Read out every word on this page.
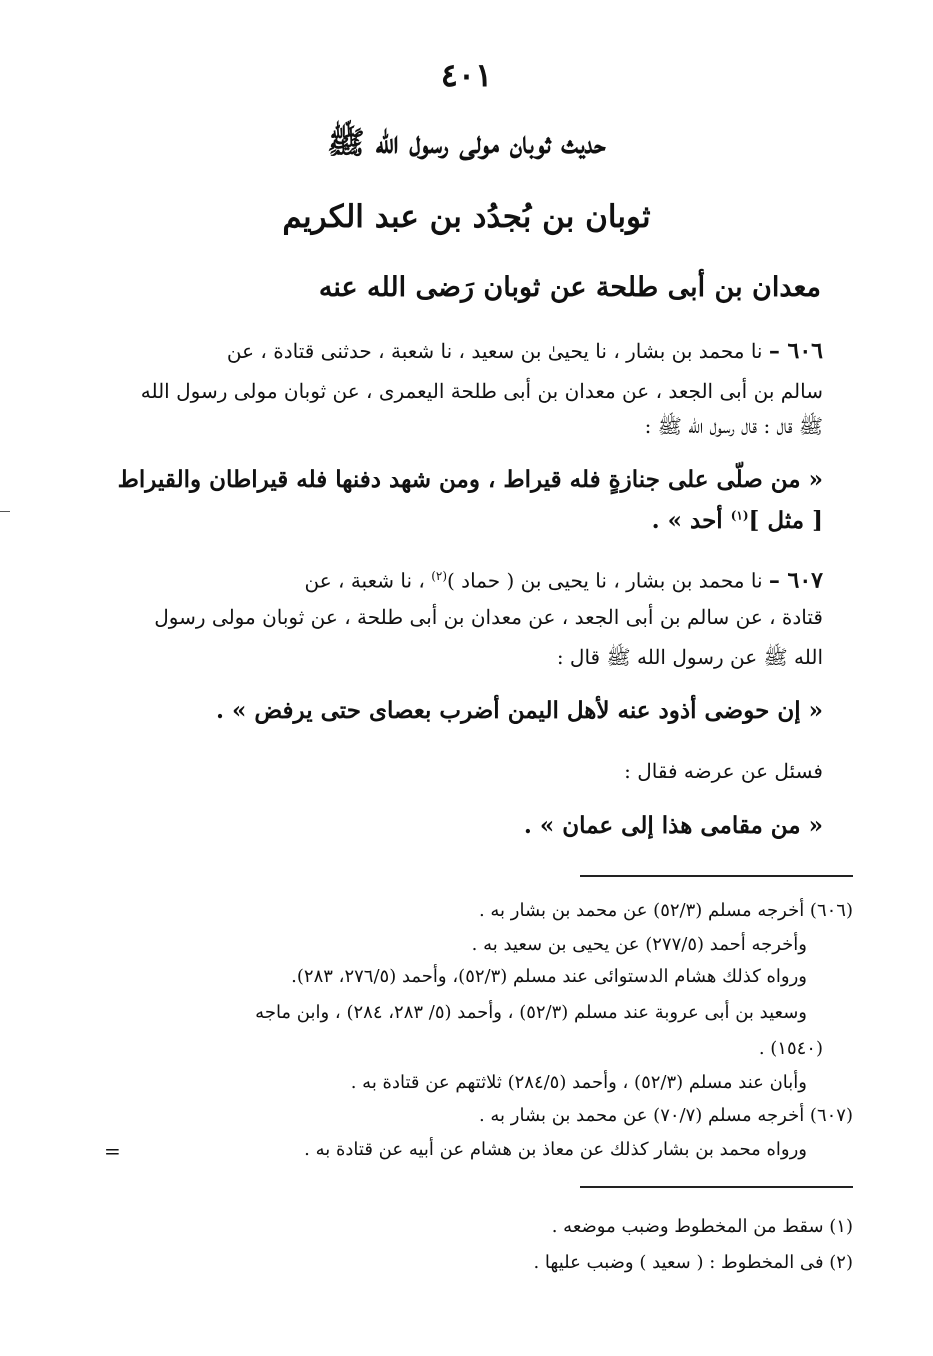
٤٠١
حديث ثوبان مولى رسول الله ﷺ
ثوبان بن بُجدُد بن عبد الكريم
معدان بن أبى طلحة عن ثوبان رَضى الله عنه
٦٠٦ – نا محمد بن بشار ، نا يحيىٰ بن سعيد ، نا شعبة ، حدثنى قتادة ، عن
سالم بن أبى الجعد ، عن معدان بن أبى طلحة اليعمرى ، عن ثوبان مولى رسول الله
ﷺ قال : قال رسول الله ﷺ :
« من صلّى على جنازةٍ فله قيراط ، ومن شهد دفنها فله قيراطان والقيراط
[ مثل ]$^{(١)}$ أحد » .
٦٠٧ – نا محمد بن بشار ، نا يحيى بن ( حماد )$^{(٢)}$ ، نا شعبة ، عن
قتادة ، عن سالم بن أبى الجعد ، عن معدان بن أبى طلحة ، عن ثوبان مولى رسول
الله ﷺ عن رسول الله ﷺ قال :
« إن حوضى أذود عنه لأهل اليمن أضرب بعصاى حتى يرفض » .
فسئل عن عرضه فقال :
« من مقامى هذا إلى عمان » .
(٦٠٦) أخرجه مسلم (٥٢/٣) عن محمد بن بشار به .
وأخرجه أحمد (٢٧٧/٥) عن يحيى بن سعيد به .
ورواه كذلك هشام الدستوائى عند مسلم (٥٢/٣)، وأحمد (٢٧٦/٥، ٢٨٣).
وسعيد بن أبى عروبة عند مسلم (٥٢/٣) ، وأحمد (٥/ ٢٨٣، ٢٨٤) ، وابن ماجه
(١٥٤٠) .
وأبان عند مسلم (٥٢/٣) ، وأحمد (٢٨٤/٥) ثلاثتهم عن قتادة به .
(٦٠٧) أخرجه مسلم (٧٠/٧) عن محمد بن بشار به .
ورواه محمد بن بشار كذلك عن معاذ بن هشام عن أبيه عن قتادة به .
=
(١) سقط من المخطوط وضبب موضعه .
(٢) فى المخطوط : ( سعيد ) وضبب عليها .
